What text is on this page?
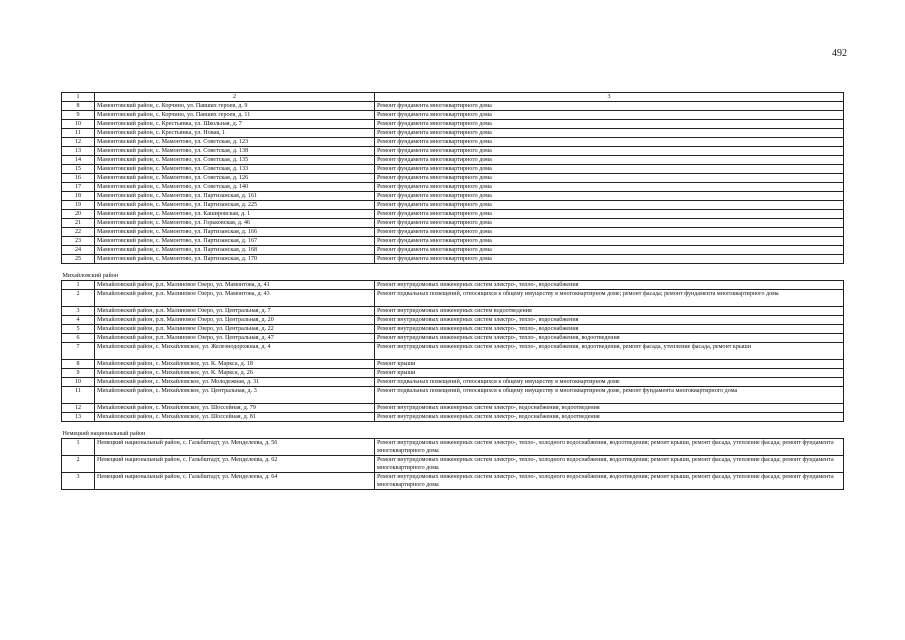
492
1	2	3
8	Мамонтовский район, с. Корчино, ул. Павших героев, д. 9	Ремонт фундамента многоквартирного дома
9	Мамонтовский район, с. Корчино, ул. Павших героев, д. 11	Ремонт фундамента многоквартирного дома
10	Мамонтовский район, с. Крестьянка, ул. Школьная, д. 7	Ремонт фундамента многоквартирного дома
11	Мамонтовский район, с. Крестьянка, ул. Новая, 1	Ремонт фундамента многоквартирного дома
12	Мамонтовский район, с. Мамонтово, ул. Советская, д. 123	Ремонт фундамента многоквартирного дома
13	Мамонтовский район, с. Мамонтово, ул. Советская, д. 138	Ремонт фундамента многоквартирного дома
14	Мамонтовский район, с. Мамонтово, ул. Советская, д. 135	Ремонт фундамента многоквартирного дома
15	Мамонтовский район, с. Мамонтово, ул. Советская, д. 133	Ремонт фундамента многоквартирного дома
16	Мамонтовский район, с. Мамонтово, ул. Советская, д. 126	Ремонт фундамента многоквартирного дома
17	Мамонтовский район, с. Мамонтово, ул. Советская, д. 140	Ремонт фундамента многоквартирного дома
18	Мамонтовский район, с. Мамонтово, ул. Партизанская, д. 161	Ремонт фундамента многоквартирного дома
19	Мамонтовский район, с. Мамонтово, ул. Партизанская, д. 225	Ремонт фундамента многоквартирного дома
20	Мамонтовский район, с. Мамонтово, ул. Кашировская, д. 1	Ремонт фундамента многоквартирного дома
21	Мамонтовский район, с. Мамонтово, ул. Горьковская, д. 46	Ремонт фундамента многоквартирного дома
22	Мамонтовский район, с. Мамонтово, ул. Партизанская, д. 166	Ремонт фундамента многоквартирного дома
23	Мамонтовский район, с. Мамонтово, ул. Партизанская, д. 167	Ремонт фундамента многоквартирного дома
24	Мамонтовский район, с. Мамонтово, ул. Партизанская, д. 168	Ремонт фундамента многоквартирного дома
25	Мамонтовский район, с. Мамонтово, ул. Партизанская, д. 170	Ремонт фундамента многоквартирного дома

Михайловский район		
1	Михайловский район, р.п. Малиновое Озеро, ул. Мамонтова, д. 41	Ремонт внутридомовых инженерных систем электро-, тепло-, водоснабжения
2	Михайловский район, р.п. Малиновое Озеро, ул. Мамонтова, д. 43	Ремонт подвальных помещений, относящихся к общему имуществу в многоквартирном доме; ремонт фасада; ремонт фундамента многоквартирного дома
3	Михайловский район, р.п. Малиновое Озеро, ул. Центральная, д. 7	Ремонт внутридомовых инженерных систем водоотведения
4	Михайловский район, р.п. Малиновое Озеро, ул. Центральная, д. 20	Ремонт внутридомовых инженерных систем электро-, тепло-, водоснабжения
5	Михайловский район, р.п. Малиновое Озеро, ул. Центральная, д. 22	Ремонт внутридомовых инженерных систем электро-, тепло-, водоснабжения
6	Михайловский район, р.п. Малиновое Озеро, ул. Центральная, д. 47	Ремонт внутридомовых инженерных систем электро-, тепло-, водоснабжения, водоотведения
7	Михайловский район, с. Михайловское, ул. Железнодорожная, д. 4	Ремонт внутридомовых инженерных систем электро-, тепло-, водоснабжения, водоотведения, ремонт фасада, утепление фасада, ремонт крыши
8	Михайловский район, с. Михайловское, ул. К. Маркса, д. 18	Ремонт крыши
9	Михайловский район, с. Михайловское, ул. К. Маркса, д. 26	Ремонт крыши
10	Михайловский район, с. Михайловское, ул. Молодежная, д. 31	Ремонт подвальных помещений, относящихся к общему имуществу в многоквартирном доме
11	Михайловский район, с. Михайловское, ул. Центральная, д. 3	Ремонт подвальных помещений, относящихся к общему имуществу в многоквартирном доме, ремонт фундамента многоквартирного дома
12	Михайловский район, с. Михайловское, ул. Шоссейная, д. 79	Ремонт внутридомовых инженерных систем электро-, водоснабжения, водоотведения
13	Михайловский район, с. Михайловское, ул. Шоссейная, д. 81	Ремонт внутридомовых инженерных систем электро-, водоснабжения, водоотведения

Немецкий национальный район		
1	Немецкий национальный район, с. Гальбштадт, ул. Менделеева, д. 56	Ремонт внутридомовых инженерных систем электро-, тепло-, холодного водоснабжения, водоотведения; ремонт крыши, ремонт фасада, утепление фасада; ремонт фундамента многоквартирного дома
2	Немецкий национальный район, с. Гальбштадт, ул. Менделеева, д. 62	Ремонт внутридомовых инженерных систем электро-, тепло-, холодного водоснабжения, водоотведения; ремонт крыши, ремонт фасада, утепление фасада; ремонт фундамента многоквартирного дома
3	Немецкий национальный район, с. Гальбштадт, ул. Менделеева, д. 64	Ремонт внутридомовых инженерных систем электро-, тепло-, холодного водоснабжения, водоотведения; ремонт крыши, ремонт фасада, утепление фасада; ремонт фундамента многоквартирного дома
